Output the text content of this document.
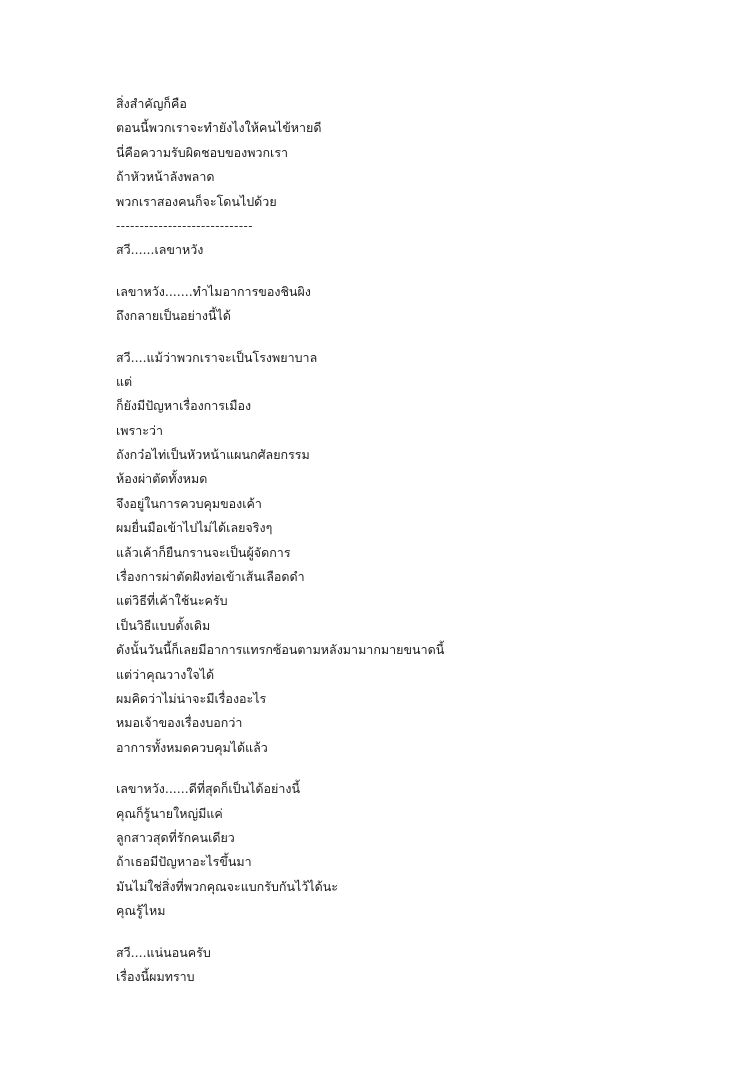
สิ่งสำคัญก็คือ
ตอนนี้พวกเราจะทำยังไงให้คนไข้หายดี
นี่คือความรับผิดชอบของพวกเรา
ถ้าหัวหน้าลังพลาด
พวกเราสองคนก็จะโดนไปด้วย
-----------------------------
สวี......เลขาหวัง
เลขาหวัง.......ทำไมอาการของชินผิง
ถึงกลายเป็นอย่างนี้ได้
สวี....แม้ว่าพวกเราจะเป็นโรงพยาบาล
แต่
ก็ยังมีปัญหาเรื่องการเมือง
เพราะว่า
ถังกว๋อไท่เป็นหัวหน้าแผนกศัลยกรรม
ห้องผ่าตัดทั้งหมด
จึงอยู่ในการควบคุมของเค้า
ผมยื่นมือเข้าไปไม่ได้เลยจริงๆ
แล้วเค้าก็ยืนกรานจะเป็นผู้จัดการ
เรื่องการผ่าตัดฝังท่อเข้าเส้นเลือดดำ
แต่วิธีที่เค้าใช้นะครับ
เป็นวิธีแบบดั้งเดิม
ดังนั้นวันนี้ก็เลยมีอาการแทรกซ้อนตามหลังมามากมายขนาดนี้
แต่ว่าคุณวางใจได้
ผมคิดว่าไม่น่าจะมีเรื่องอะไร
หมอเจ้าของเรื่องบอกว่า
อาการทั้งหมดควบคุมได้แล้ว
เลขาหวัง......ดีที่สุดก็เป็นได้อย่างนี้
คุณก็รู้นายใหญ่มีแค่
ลูกสาวสุดที่รักคนเดียว
ถ้าเธอมีปัญหาอะไรขึ้นมา
มันไม่ใช่สิ่งที่พวกคุณจะแบกรับกันไว้ได้นะ
คุณรู้ไหม
สวี....แน่นอนครับ
เรื่องนี้ผมทราบ
